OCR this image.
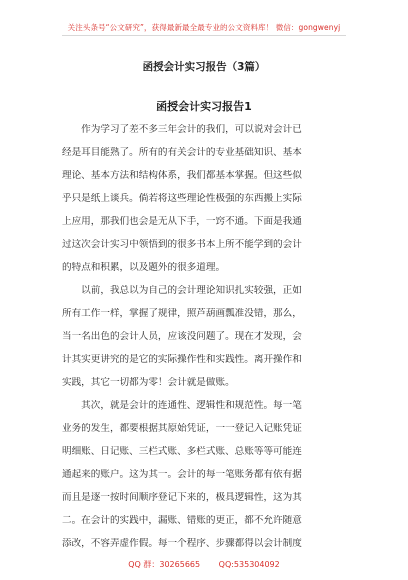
关注头条号“公文研究”，获得最新最全最专业的公文资料库！ 微信：gongwenyj
函授会计实习报告（3篇）
函授会计实习报告1
　　作为学习了差不多三年会计的我们，可以说对会计已
经是耳目能熟了。所有的有关会计的专业基础知识、基本
理论、基本方法和结构体系，我们都基本掌握。但这些似
乎只是纸上谈兵。倘若将这些理论性极强的东西搬上实际
上应用，那我们也会是无从下手，一窍不通。下面是我通
过这次会计实习中领悟到的很多书本上所不能学到的会计
的特点和积累，以及题外的很多道理。
　　以前，我总以为自己的会计理论知识扎实较强，正如
所有工作一样，掌握了规律，照芦葫画瓢准没错，那么，
当一名出色的会计人员，应该没问题了。现在才发现，会
计其实更讲究的是它的实际操作性和实践性。离开操作和
实践，其它一切都为零！会计就是做账。
　　其次，就是会计的连通性、逻辑性和规范性。每一笔
业务的发生，都要根据其原始凭证，一一登记入记账凭证
明细账、日记账、三栏式账、多栏式账、总账等等可能连
通起来的账户。这为其一。会计的每一笔账务都有依有据
而且是逐一按时间顺序登记下来的，极具逻辑性，这为其
二。在会计的实践中，漏账、错账的更正，都不允许随意
添改，不容弄虚作假。每一个程序、步骤都得以会计制度
QQ 群：30265665 QQ:535304092
